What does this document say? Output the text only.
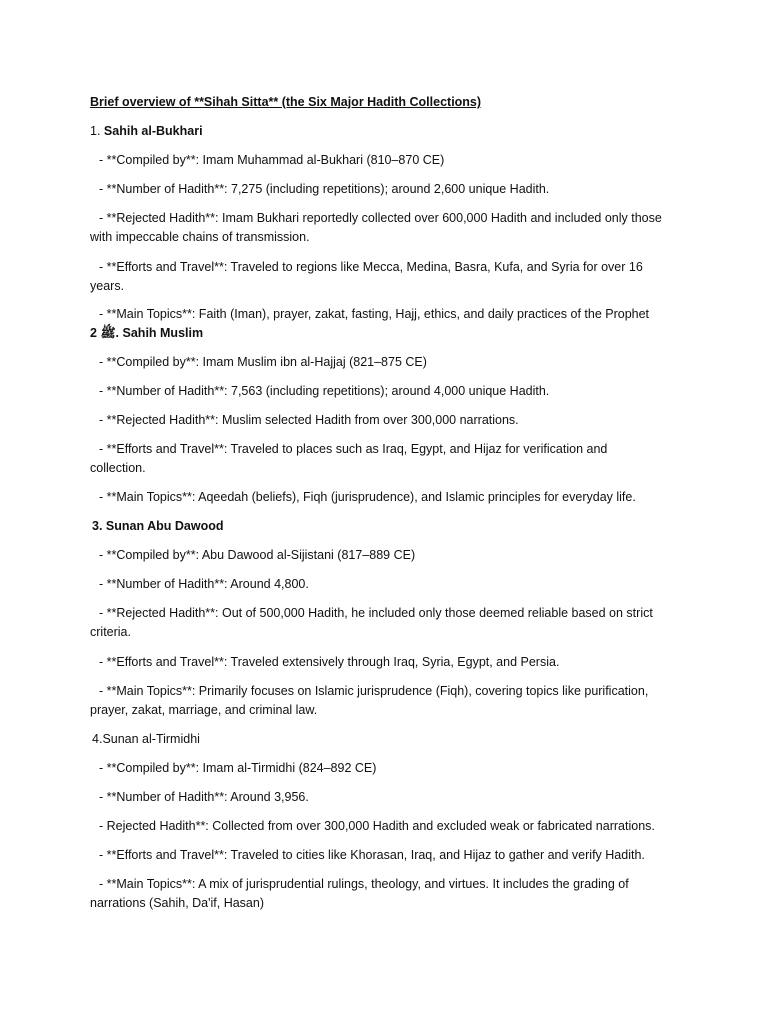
Brief overview of **Sihah Sitta** (the Six Major Hadith Collections)
1. Sahih al-Bukhari
- **Compiled by**: Imam Muhammad al-Bukhari (810–870 CE)
- **Number of Hadith**: 7,275 (including repetitions); around 2,600 unique Hadith.
- **Rejected Hadith**: Imam Bukhari reportedly collected over 600,000 Hadith and included only those with impeccable chains of transmission.
- **Efforts and Travel**: Traveled to regions like Mecca, Medina, Basra, Kufa, and Syria for over 16 years.
- **Main Topics**: Faith (Iman), prayer, zakat, fasting, Hajj, ethics, and daily practices of the Prophet
2 ﷺ. Sahih Muslim
- **Compiled by**: Imam Muslim ibn al-Hajjaj (821–875 CE)
- **Number of Hadith**: 7,563 (including repetitions); around 4,000 unique Hadith.
- **Rejected Hadith**: Muslim selected Hadith from over 300,000 narrations.
- **Efforts and Travel**: Traveled to places such as Iraq, Egypt, and Hijaz for verification and collection.
- **Main Topics**: Aqeedah (beliefs), Fiqh (jurisprudence), and Islamic principles for everyday life.
3. Sunan Abu Dawood
- **Compiled by**: Abu Dawood al-Sijistani (817–889 CE)
- **Number of Hadith**: Around 4,800.
- **Rejected Hadith**: Out of 500,000 Hadith, he included only those deemed reliable based on strict criteria.
- **Efforts and Travel**: Traveled extensively through Iraq, Syria, Egypt, and Persia.
- **Main Topics**: Primarily focuses on Islamic jurisprudence (Fiqh), covering topics like purification, prayer, zakat, marriage, and criminal law.
4.Sunan al-Tirmidhi
- **Compiled by**: Imam al-Tirmidhi (824–892 CE)
- **Number of Hadith**: Around 3,956.
- Rejected Hadith**: Collected from over 300,000 Hadith and excluded weak or fabricated narrations.
- **Efforts and Travel**: Traveled to cities like Khorasan, Iraq, and Hijaz to gather and verify Hadith.
- **Main Topics**: A mix of jurisprudential rulings, theology, and virtues. It includes the grading of narrations (Sahih, Da'if, Hasan)
